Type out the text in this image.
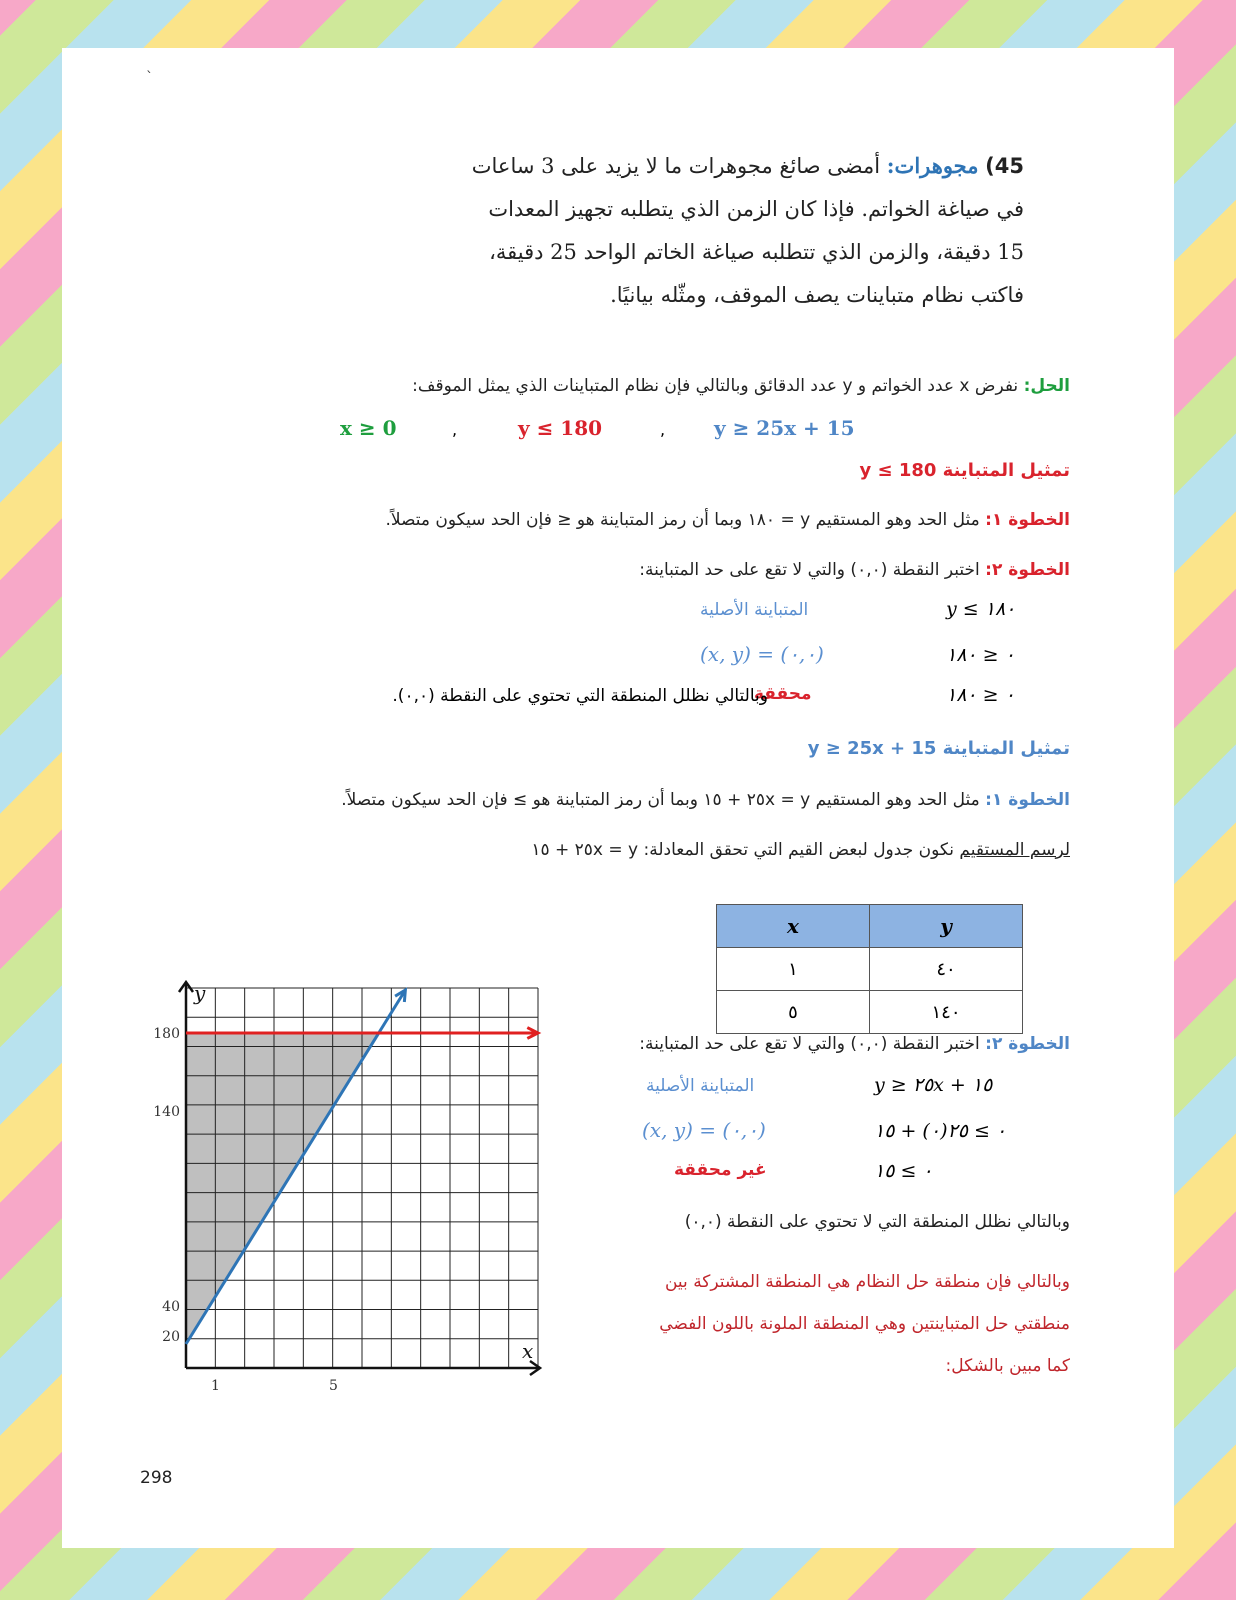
`
45) مجوهرات: أمضى صائغ مجوهرات ما لا يزيد على 3 ساعات في صياغة الخواتم. فإذا كان الزمن الذي يتطلبه تجهيز المعدات 15 دقيقة، والزمن الذي تتطلبه صياغة الخاتم الواحد 25 دقيقة، فاكتب نظام متباينات يصف الموقف، ومثّله بيانيًا.
الحل: نفرض x عدد الخواتم و y عدد الدقائق وبالتالي فإن نظام المتباينات الذي يمثل الموقف:
x ≥ 0	,	y ≤ 180	, y ≥ 25x + 15
تمثيل المتباينة y ≤ 180
الخطوة ١: مثل الحد وهو المستقيم y = ١٨٠ وبما أن رمز المتباينة هو ≤ فإن الحد سيكون متصلاً.
الخطوة ٢: اختبر النقطة (٠,٠) والتي لا تقع على حد المتباينة:
y ≤ ١٨٠
المتباينة الأصلية
٠ ≤ ١٨٠
(x, y) = (٠,٠)
٠ ≤ ١٨٠
محققة
وبالتالي نظلل المنطقة التي تحتوي على النقطة (٠,٠).
تمثيل المتباينة y ≥ 25x + 15
الخطوة ١: مثل الحد وهو المستقيم y = ٢٥x + ١٥ وبما أن رمز المتباينة هو ≥ فإن الحد سيكون متصلاً.
لرسم المستقيم نكون جدول لبعض القيم التي تحقق المعادلة: y = ٢٥x + ١٥
x	y
١	٤٠
٥	١٤٠
الخطوة ٢: اختبر النقطة (٠,٠) والتي لا تقع على حد المتباينة:
y ≥ ٢٥x + ١٥
المتباينة الأصلية
٠ ≥ ٢٥(٠) + ١٥
(x, y) = (٠,٠)
٠ ≥ ١٥
غير محققة
وبالتالي نظلل المنطقة التي لا تحتوي على النقطة (٠,٠)
وبالتالي فإن منطقة حل النظام هي المنطقة المشتركة بين
منطقتي حل المتباينتين وهي المنطقة الملونة باللون الفضي
كما مبين بالشكل:
20
40
140
180
1	5
x
y
298
